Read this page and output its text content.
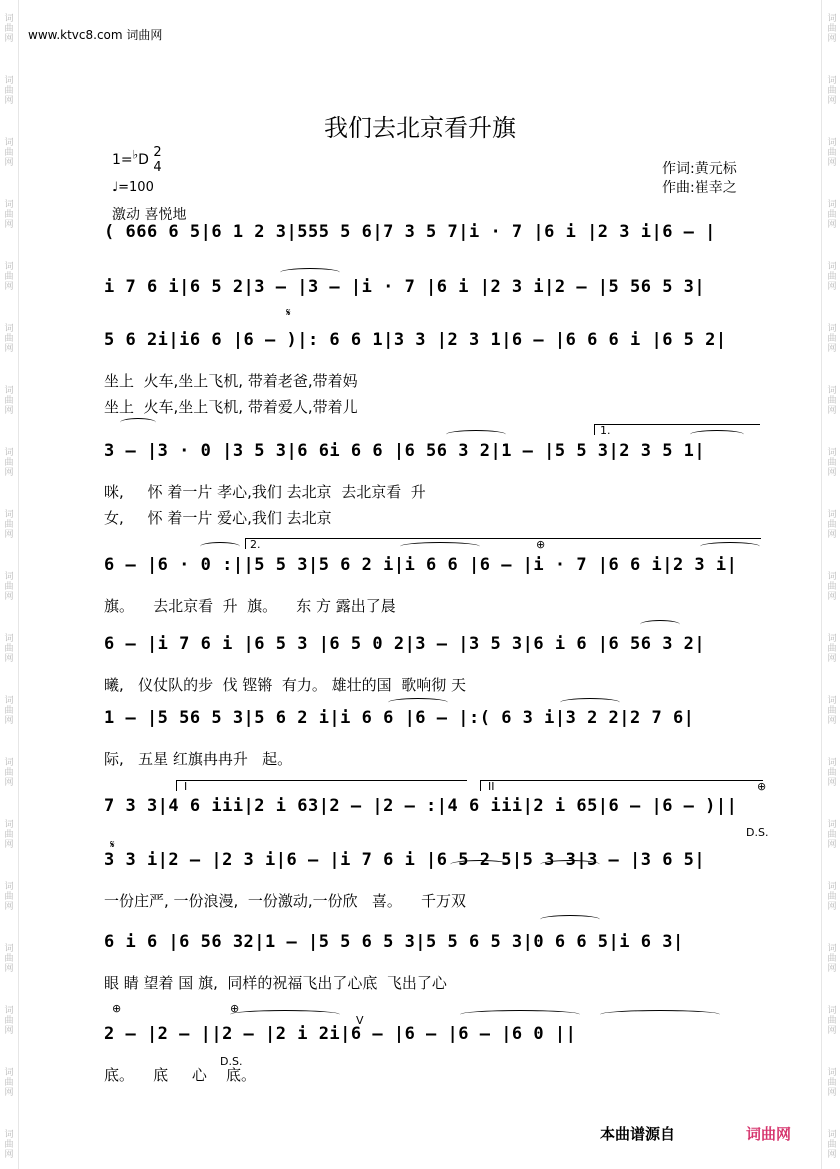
www.ktvc8.com 词曲网
我们去北京看升旗
1=♭D 2
4
♩=100
作词:黄元标
作曲:崔幸之
激动 喜悦地
( 666 6 5|6 1 2 3|555 5 6|7 3 5 7|i · 7 |6 i |2 3 i|6 – |
i 7 6 i|6 5 2|3 – |3 – |i · 7 |6 i |2 3 i|2 – |5 56 5 3|
5 6 2i|i6 6 |6 – )|: 6 6 1|3 3 |2 3 1|6 – |6 6 6 i |6 5 2|
3 – |3 · 0 |3 5 3|6 6i 6 6 |6 56 3 2|1 – |5 5 3|2 3 5 1|
6 – |6 · 0 :||5 5 3|5 6 2 i|i 6 6 |6 – |i · 7 |6 6 i|2 3 i|
6 – |i 7 6 i |6 5 3 |6 5 0 2|3 – |3 5 3|6 i 6 |6 56 3 2|
1 – |5 56 5 3|5 6 2 i|i 6 6 |6 – |:( 6 3 i|3 2 2|2 7 6|
7 3 3|4 6 iii|2 i 63|2 – |2 – :|4 6 iii|2 i 65|6 – |6 – )||
3 3 i|2 – |2 3 i|6 – |i 7 6 i |6 5 2 5|5 3 3|3 – |3 6 5|
6 i 6 |6 56 32|1 – |5 5 6 5 3|5 5 6 5 3|0 6 6 5|i 6 3|
2 – |2 – ||2 – |2 i 2i|6 – |6 – |6 – |6 0 ||
坐上  火车,坐上飞机, 带着老爸,带着妈
坐上  火车,坐上飞机, 带着爱人,带着儿
咪,     怀 着一片 孝心,我们 去北京  去北京看  升
女,     怀 着一片 爱心,我们 去北京
旗。    去北京看  升  旗。    东 方 露出了晨
曦,   仪仗队的步  伐 铿锵  有力。 雄壮的国  歌响彻 天
际,   五星 红旗冉冉升   起。
一份庄严, 一份浪漫,  一份激动,一份欣   喜。    千万双
眼 睛 望着 国 旗,  同样的祝福飞出了心底  飞出了心
底。    底     心    底。
1.
2.
I	II
𝄋
𝄋
⊕
⊕
⊕	⊕
D.S.
D.S.
V
本曲谱源自	词曲网
词
曲
网
词
曲
网
词
曲
网
词
曲
网
词
曲
网
词
曲
网
词
曲
网
词
曲
网
词
曲
网
词
曲
网
词
曲
网
词
曲
网
词
曲
网
词
曲
网
词
曲
网
词
曲
网
词
曲
网
词
曲
网
词
曲
网
词
曲
网
词
曲
网
词
曲
网
词
曲
网
词
曲
网
词
曲
网
词
曲
网
词
曲
网
词
曲
网
词
曲
网
词
曲
网
词
曲
网
词
曲
网
词
曲
网
词
曲
网
词
曲
网
词
曲
网
词
曲
网
词
曲
网
